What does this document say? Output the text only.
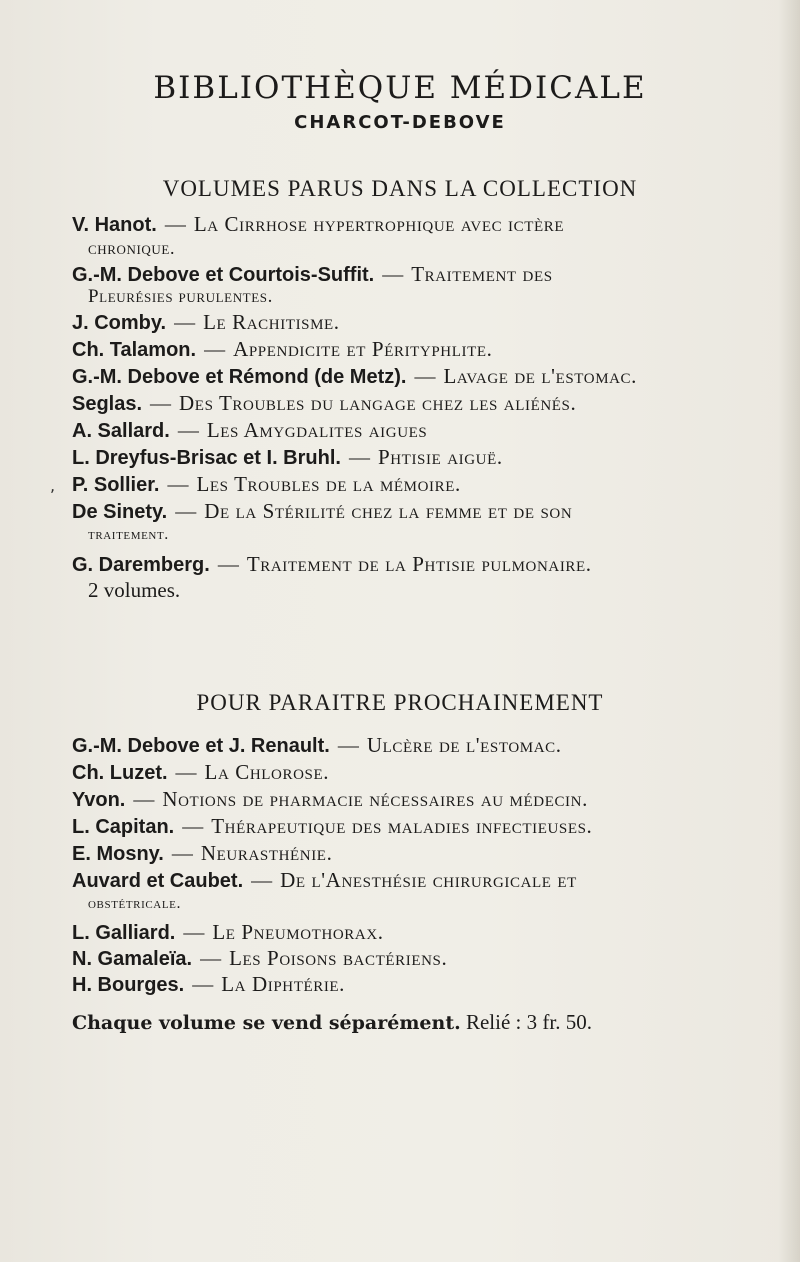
BIBLIOTHÈQUE MÉDICALE
CHARCOT-DEBOVE
VOLUMES PARUS DANS LA COLLECTION
V. Hanot. — La Cirrhose hypertrophique avec ictère
chronique.
G.-M. Debove et Courtois-Suffit. — Traitement des
Pleurésies purulentes.
J. Comby. — Le Rachitisme.
Ch. Talamon. — Appendicite et Pérityphlite.
G.-M. Debove et Rémond (de Metz). — Lavage de l'estomac.
Seglas. — Des Troubles du langage chez les aliénés.
A. Sallard. — Les Amygdalites aigues
L. Dreyfus-Brisac et I. Bruhl. — Phtisie aiguë.
, P. Sollier. — Les Troubles de la mémoire.
De Sinety. — De la Stérilité chez la femme et de son
traitement.
G. Daremberg. — Traitement de la Phtisie pulmonaire.
2 volumes.
POUR PARAITRE PROCHAINEMENT
G.-M. Debove et J. Renault. — Ulcère de l'estomac.
Ch. Luzet. — La Chlorose.
Yvon. — Notions de pharmacie nécessaires au médecin.
L. Capitan. — Thérapeutique des maladies infectieuses.
E. Mosny. — Neurasthénie.
Auvard et Caubet. — De l'Anesthésie chirurgicale et
obstétricale.
L. Galliard. — Le Pneumothorax.
N. Gamaleïa. — Les Poisons bactériens.
H. Bourges. — La Diphtérie.
Chaque volume se vend séparément. Relié : 3 fr. 50.
